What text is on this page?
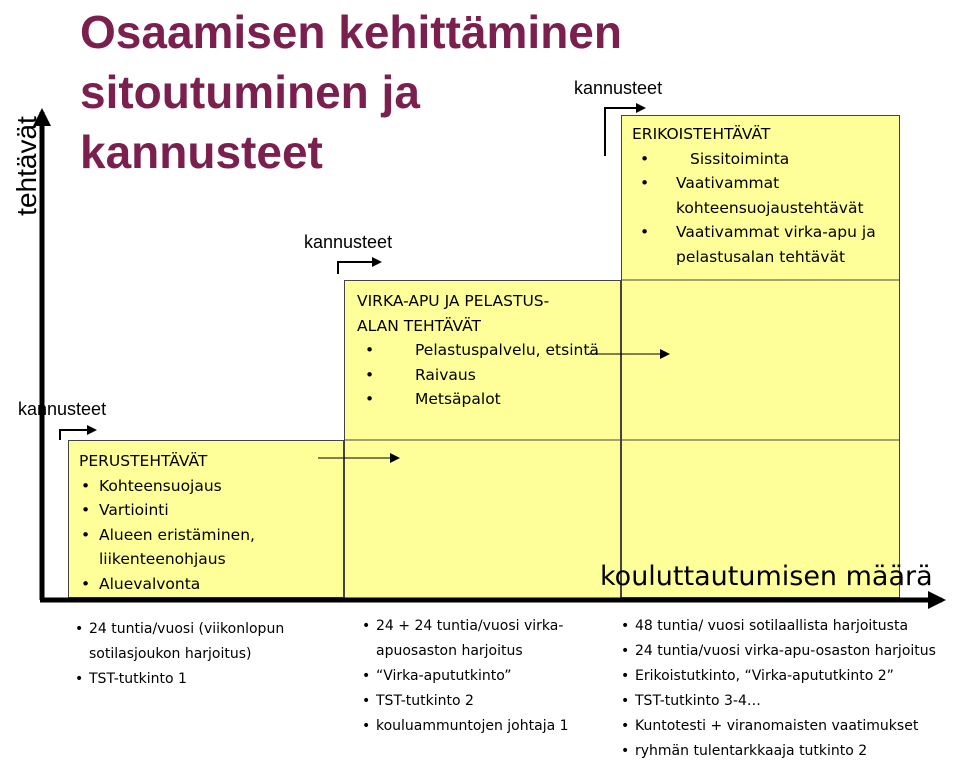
Osaamisen kehittäminen
sitoutuminen ja
kannusteet
tehtävät
PERUSTEHTÄVÄT
• Kohteensuojaus
• Vartiointi
• Alueen eristäminen, liikenteenohjaus
• Aluevalvonta
VIRKA-APU JA PELASTUS-
ALAN TEHTÄVÄT
• Pelastuspalvelu, etsintä
• Raivaus
• Metsäpalot
ERIKOISTEHTÄVÄT
• Sissitoiminta
• Vaativammat kohteensuojaustehtävät
• Vaativammat virka-apu ja pelastusalan tehtävät
kannusteet
kannusteet
kannusteet
kouluttautumisen määrä
• 24 tuntia/vuosi (viikonlopun sotilasjoukon harjoitus)
• TST-tutkinto 1
• 24 + 24 tuntia/vuosi virka-apuosaston harjoitus
• “Virka-apututkinto”
• TST-tutkinto 2
• kouluammuntojen johtaja 1
• 48 tuntia/ vuosi sotilaallista harjoitusta
• 24 tuntia/vuosi virka-apu-osaston harjoitus
• Erikoistutkinto, “Virka-apututkinto 2”
• TST-tutkinto 3-4…
• Kuntotesti + viranomaisten vaatimukset
• ryhmän tulentarkkaaja tutkinto 2
